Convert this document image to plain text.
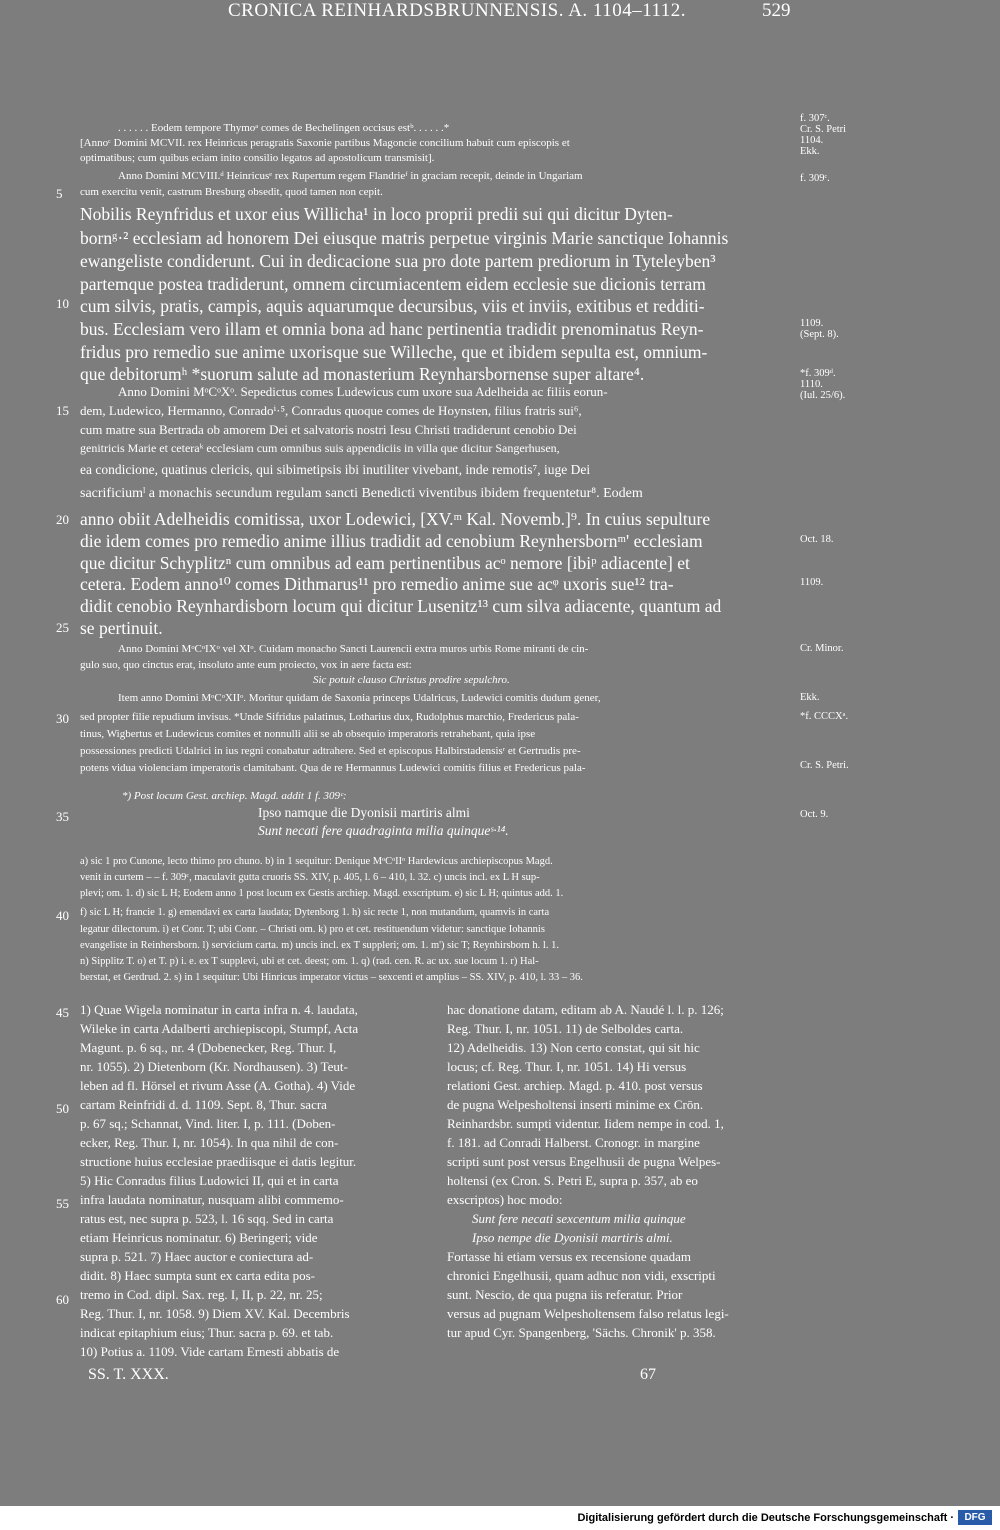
CRONICA REINHARDSBRUNNENSIS. A. 1104–1112.	529
5
10
15
20
25
30
35
40
45
50
55
60
f. 307ᶜ.
Cr. S. Petri
1104.
Ekk.
f. 309ᶜ.
1109.
(Sept. 8).
*f. 309ᵈ.
1110.
(Iul. 25/6).
Oct. 18.
1109.
Cr. Minor.
Ekk.
*f. CCCXᵃ.
Cr. S. Petri.
Oct. 9.
. . . . . . Eodem tempore Thymoᵃ comes de Bechelingen occisus estᵇ. . . . . .*
[Annoᶜ Domini MCVII. rex Heinricus peragratis Saxonie partibus Magoncie concilium habuit cum episcopis et
optimatibus; cum quibus eciam inito consilio legatos ad apostolicum transmisit].
Anno Domini MCVIII.ᵈ Heinricusᵉ rex Rupertum regem Flandrieᶠ in graciam recepit, deinde in Ungariam
cum exercitu venit, castrum Bresburg obsedit, quod tamen non cepit.
Nobilis Reynfridus et uxor eius Willicha¹ in loco proprii predii sui qui dicitur Dyten-
bornᵍ·² ecclesiam ad honorem Dei eiusque matris perpetue virginis Marie sanctique Iohannis
ewangeliste condiderunt. Cui in dedicacione sua pro dote partem prediorum in Tyteleyben³
partemque postea tradiderunt, omnem circumiacentem eidem ecclesie sue dicionis terram
cum silvis, pratis, campis, aquis aquarumque decursibus, viis et inviis, exitibus et redditi-
bus. Ecclesiam vero illam et omnia bona ad hanc pertinentia tradidit prenominatus Reyn-
fridus pro remedio sue anime uxorisque sue Willeche, que et ibidem sepulta est, omnium-
que debitorumʰ *suorum salute ad monasterium Reynharsbornense super altare⁴.
Anno Domini MᵒCᵒXᵒ. Sepedictus comes Ludewicus cum uxore sua Adelheida ac filiis eorun-
dem, Ludewico, Hermanno, Conradoⁱ·⁵, Conradus quoque comes de Hoynsten, filius fratris sui⁶,
cum matre sua Bertrada ob amorem Dei et salvatoris nostri Iesu Christi tradiderunt cenobio Dei
genitricis Marie et ceteraᵏ ecclesiam cum omnibus suis appendiciis in villa que dicitur Sangerhusen,
ea condicione, quatinus clericis, qui sibimetipsis ibi inutiliter vivebant, inde remotis⁷, iuge Dei
sacrificiumˡ a monachis secundum regulam sancti Benedicti viventibus ibidem frequentetur⁸. Eodem
anno obiit Adelheidis comitissa, uxor Lodewici, [XV.ᵐ Kal. Novemb.]⁹. In cuius sepulture
die idem comes pro remedio anime illius tradidit ad cenobium Reynhersbornᵐ' ecclesiam
que dicitur Schyplitzⁿ cum omnibus ad eam pertinentibus acᵒ nemore [ibiᵖ adiacente] et
cetera. Eodem anno¹⁰ comes Dithmarus¹¹ pro remedio anime sue acᵠ uxoris sue¹² tra-
didit cenobio Reynhardisborn locum qui dicitur Lusenitz¹³ cum silva adiacente, quantum ad
se pertinuit.
Anno Domini MᵒCᵒIXᵒ vel XIᵒ. Cuidam monacho Sancti Laurencii extra muros urbis Rome miranti de cin-
gulo suo, quo cinctus erat, insoluto ante eum proiecto, vox in aere facta est:
Sic potuit clauso Christus prodire sepulchro.
Item anno Domini MᵒCᵒXIIᵒ. Moritur quidam de Saxonia princeps Udalricus, Ludewici comitis dudum gener,
sed propter filie repudium invisus. *Unde Sifridus palatinus, Lotharius dux, Rudolphus marchio, Fredericus pala-
tinus, Wigbertus et Ludewicus comites et nonnulli alii se ab obsequio imperatoris retrahebant, quia ipse
possessiones predicti Udalrici in ius regni conabatur adtrahere. Sed et episcopus Halbirstadensisʳ et Gertrudis pre-
potens vidua violenciam imperatoris clamitabant. Qua de re Hermannus Ludewici comitis filius et Fredericus pala-
*) Post locum Gest. archiep. Magd. addit 1 f. 309ᶜ:
Ipso namque die Dyonisii martiris almi
Sunt necati fere quadraginta milia quinqueˢ·¹⁴.
a) sic 1 pro Cunone, lecto thimo pro chuno. b) in 1 sequitur: Denique MᵒCᵒIIᵒ Hardewicus archiepiscopus Magd.
venit in curtem – – f. 309ᶜ, maculavit gutta cruoris SS. XIV, p. 405, l. 6 – 410, l. 32. c) uncis incl. ex L H sup-
plevi; om. 1. d) sic L H; Eodem anno 1 post locum ex Gestis archiep. Magd. exscriptum. e) sic L H; quintus add. 1.
f) sic L H; francie 1. g) emendavi ex carta laudata; Dytenborg 1. h) sic recte 1, non mutandum, quamvis in carta
legatur dilectorum. i) et Conr. T; ubi Conr. – Christi om. k) pro et cet. restituendum videtur: sanctique Iohannis
evangeliste in Reinhersborn. l) servicium carta. m) uncis incl. ex T suppleri; om. 1. m') sic T; Reynhirsborn h. l. 1.
n) Sipplitz T. o) et T. p) i. e. ex T supplevi, ubi et cet. deest; om. 1. q) (rad. cen. R. ac ux. sue locum 1. r) Hal-
berstat, et Gerdrud. 2. s) in 1 sequitur: Ubi Hinricus imperator victus – sexcenti et amplius – SS. XIV, p. 410, l. 33 – 36.
1) Quae Wigela nominatur in carta infra n. 4. laudata,
Wileke in carta Adalberti archiepiscopi, Stumpf, Acta
Magunt. p. 6 sq., nr. 4 (Dobenecker, Reg. Thur. I,
nr. 1055). 2) Dietenborn (Kr. Nordhausen). 3) Teut-
leben ad fl. Hörsel et rivum Asse (A. Gotha). 4) Vide
cartam Reinfridi d. d. 1109. Sept. 8, Thur. sacra
p. 67 sq.; Schannat, Vind. liter. I, p. 111. (Doben-
ecker, Reg. Thur. I, nr. 1054). In qua nihil de con-
structione huius ecclesiae praediisque ei datis legitur.
5) Hic Conradus filius Ludowici II, qui et in carta
infra laudata nominatur, nusquam alibi commemo-
ratus est, nec supra p. 523, l. 16 sqq. Sed in carta
etiam Heinricus nominatur. 6) Beringeri; vide
supra p. 521. 7) Haec auctor e coniectura ad-
didit. 8) Haec sumpta sunt ex carta edita pos-
tremo in Cod. dipl. Sax. reg. I, II, p. 22, nr. 25;
Reg. Thur. I, nr. 1058. 9) Diem XV. Kal. Decembris
indicat epitaphium eius; Thur. sacra p. 69. et tab.
10) Potius a. 1109. Vide cartam Ernesti abbatis de
hac donatione datam, editam ab A. Naudé l. l. p. 126;
Reg. Thur. I, nr. 1051. 11) de Selboldes carta.
12) Adelheidis. 13) Non certo constat, qui sit hic
locus; cf. Reg. Thur. I, nr. 1051. 14) Hi versus
relationi Gest. archiep. Magd. p. 410. post versus
de pugna Welpesholtensi inserti minime ex Crōn.
Reinhardsbr. sumpti videntur. Iidem nempe in cod. 1,
f. 181. ad Conradi Halberst. Cronogr. in margine
scripti sunt post versus Engelhusii de pugna Welpes-
holtensi (ex Cron. S. Petri E, supra p. 357, ab eo
exscriptos) hoc modo:
Sunt fere necati sexcentum milia quinque
Ipso nempe die Dyonisii martiris almi.
Fortasse hi etiam versus ex recensione quadam
chronici Engelhusii, quam adhuc non vidi, exscripti
sunt. Nescio, de qua pugna iis referatur. Prior
versus ad pugnam Welpesholtensem falso relatus legi-
tur apud Cyr. Spangenberg, 'Sächs. Chronik' p. 358.
SS. T. XXX.	67
Digitalisierung gefördert durch die Deutsche Forschungsgemeinschaft ·	DFG
